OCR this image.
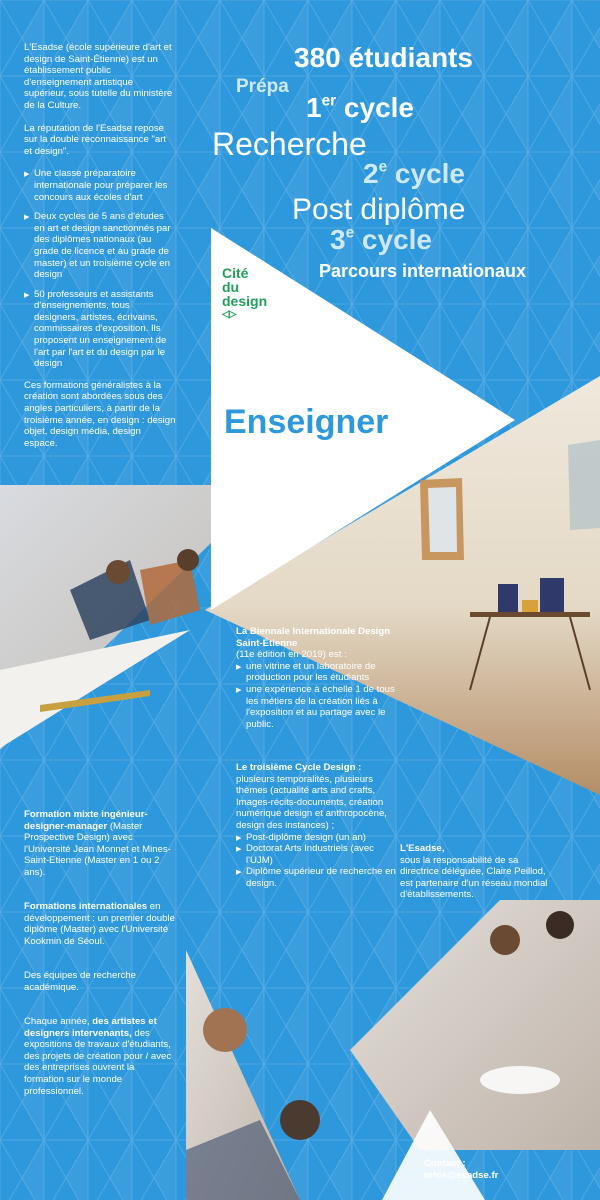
L'Esadse (école supérieure d'art et design de Saint-Étienne) est un établissement public d'enseignement artistique supérieur, sous tutelle du ministère de la Culture.

La réputation de l'Esadse repose sur la double reconnaissance "art et design".

▶ Une classe préparatoire internationale pour préparer les concours aux écoles d'art
▶ Deux cycles de 5 ans d'études en art et design sanctionnés par des diplômes nationaux (au grade de licence et au grade de master) et un troisième cycle en design
▶ 50 professeurs et assistants d'enseignements, tous designers, artistes, écrivains, commissaires d'exposition. Ils proposent un enseignement de l'art par l'art et du design par le design

Ces formations généralistes à la création sont abordées sous des angles particuliers, à partir de la troisième année, en design : design objet, design média, design espace.

380 étudiants
Prépa
1er cycle
Recherche
2e cycle
Post diplôme
3e cycle
Parcours internationaux
Cité
du
design
◁▷
Enseigner
La Biennale Internationale Design Saint-Étienne
(11e édition en 2019) est :
▶ une vitrine et un laboratoire de production pour les étudiants
▶ une expérience à échelle 1 de tous les métiers de la création liés à l'exposition et au partage avec le public.
Le troisième Cycle Design :
plusieurs temporalités, plusieurs thèmes (actualité arts and crafts, Images-récits-documents, création numérique design et anthropocène, design des instances) ;
▶ Post-diplôme design (un an)
▶ Doctorat Arts Industriels (avec l'UJM)
▶ Diplôme supérieur de recherche en design.

Formation mixte ingénieur-designer-manager (Master Prospective Design) avec l'Université Jean Monnet et Mines-Saint-Etienne (Master en 1 ou 2 ans).

Formations internationales en développement : un premier double diplôme (Master) avec l'Université Kookmin de Séoul.

Des équipes de recherche académique.

Chaque année, des artistes et designers intervenants, des expositions de travaux d'étudiants, des projets de création pour / avec des entreprises ouvrent la formation sur le monde professionnel.

L'Esadse,
sous la responsabilité de sa directrice déléguée, Claire Peillod, est partenaire d'un réseau mondial d'établissements.
Contact :
infos@esadse.fr
